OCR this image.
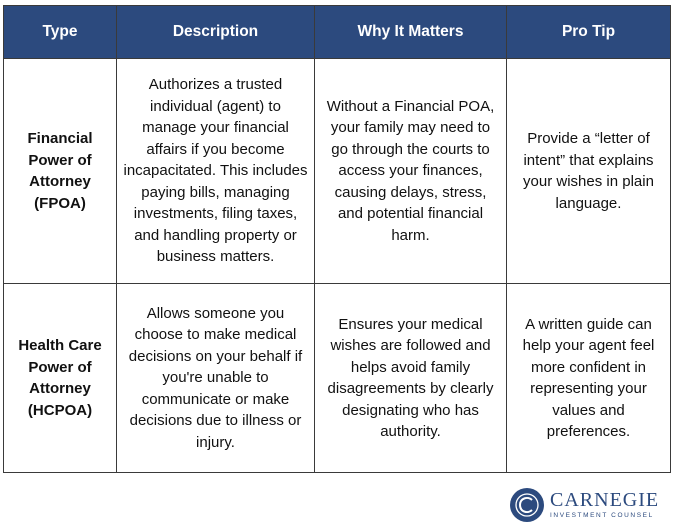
Type	Description	Why It Matters	Pro Tip
Financial Power of Attorney (FPOA)	Authorizes a trusted individual (agent) to manage your financial affairs if you become incapacitated. This includes paying bills, managing investments, filing taxes, and handling property or business matters.	Without a Financial POA, your family may need to go through the courts to access your finances, causing delays, stress, and potential financial harm.	Provide a “letter of intent” that explains your wishes in plain language.
Health Care Power of Attorney (HCPOA)	Allows someone you choose to make medical decisions on your behalf if you're unable to communicate or make decisions due to illness or injury.	Ensures your medical wishes are followed and helps avoid family disagreements by clearly designating who has authority.	A written guide can help your agent feel more confident in representing your values and preferences.
CARNEGIE
INVESTMENT COUNSEL
